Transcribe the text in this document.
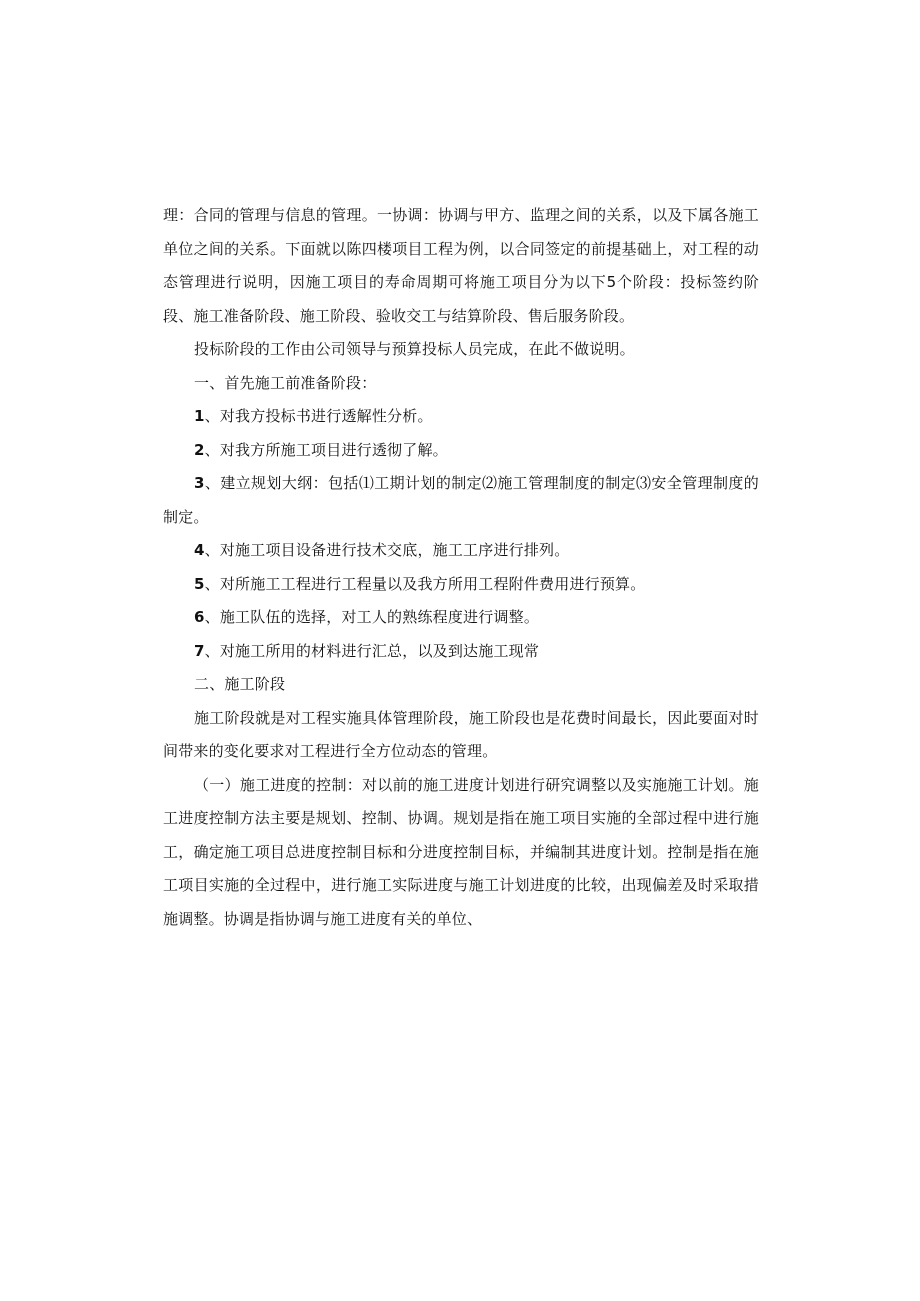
理：合同的管理与信息的管理。一协调：协调与甲方、监理之间的关系，以及下属各施工单位之间的关系。下面就以陈四楼项目工程为例，以合同签定的前提基础上，对工程的动态管理进行说明，因施工项目的寿命周期可将施工项目分为以下5个阶段：投标签约阶段、施工准备阶段、施工阶段、验收交工与结算阶段、售后服务阶段。

投标阶段的工作由公司领导与预算投标人员完成，在此不做说明。

一、首先施工前准备阶段：

1、对我方投标书进行透解性分析。

2、对我方所施工项目进行透彻了解。

3、建立规划大纲：包括⑴工期计划的制定⑵施工管理制度的制定⑶安全管理制度的制定。

4、对施工项目设备进行技术交底，施工工序进行排列。

5、对所施工工程进行工程量以及我方所用工程附件费用进行预算。

6、施工队伍的选择，对工人的熟练程度进行调整。

7、对施工所用的材料进行汇总，以及到达施工现常

二、施工阶段

施工阶段就是对工程实施具体管理阶段，施工阶段也是花费时间最长，因此要面对时间带来的变化要求对工程进行全方位动态的管理。

（一）施工进度的控制：对以前的施工进度计划进行研究调整以及实施施工计划。施工进度控制方法主要是规划、控制、协调。规划是指在施工项目实施的全部过程中进行施工，确定施工项目总进度控制目标和分进度控制目标，并编制其进度计划。控制是指在施工项目实施的全过程中，进行施工实际进度与施工计划进度的比较，出现偏差及时采取措施调整。协调是指协调与施工进度有关的单位、
